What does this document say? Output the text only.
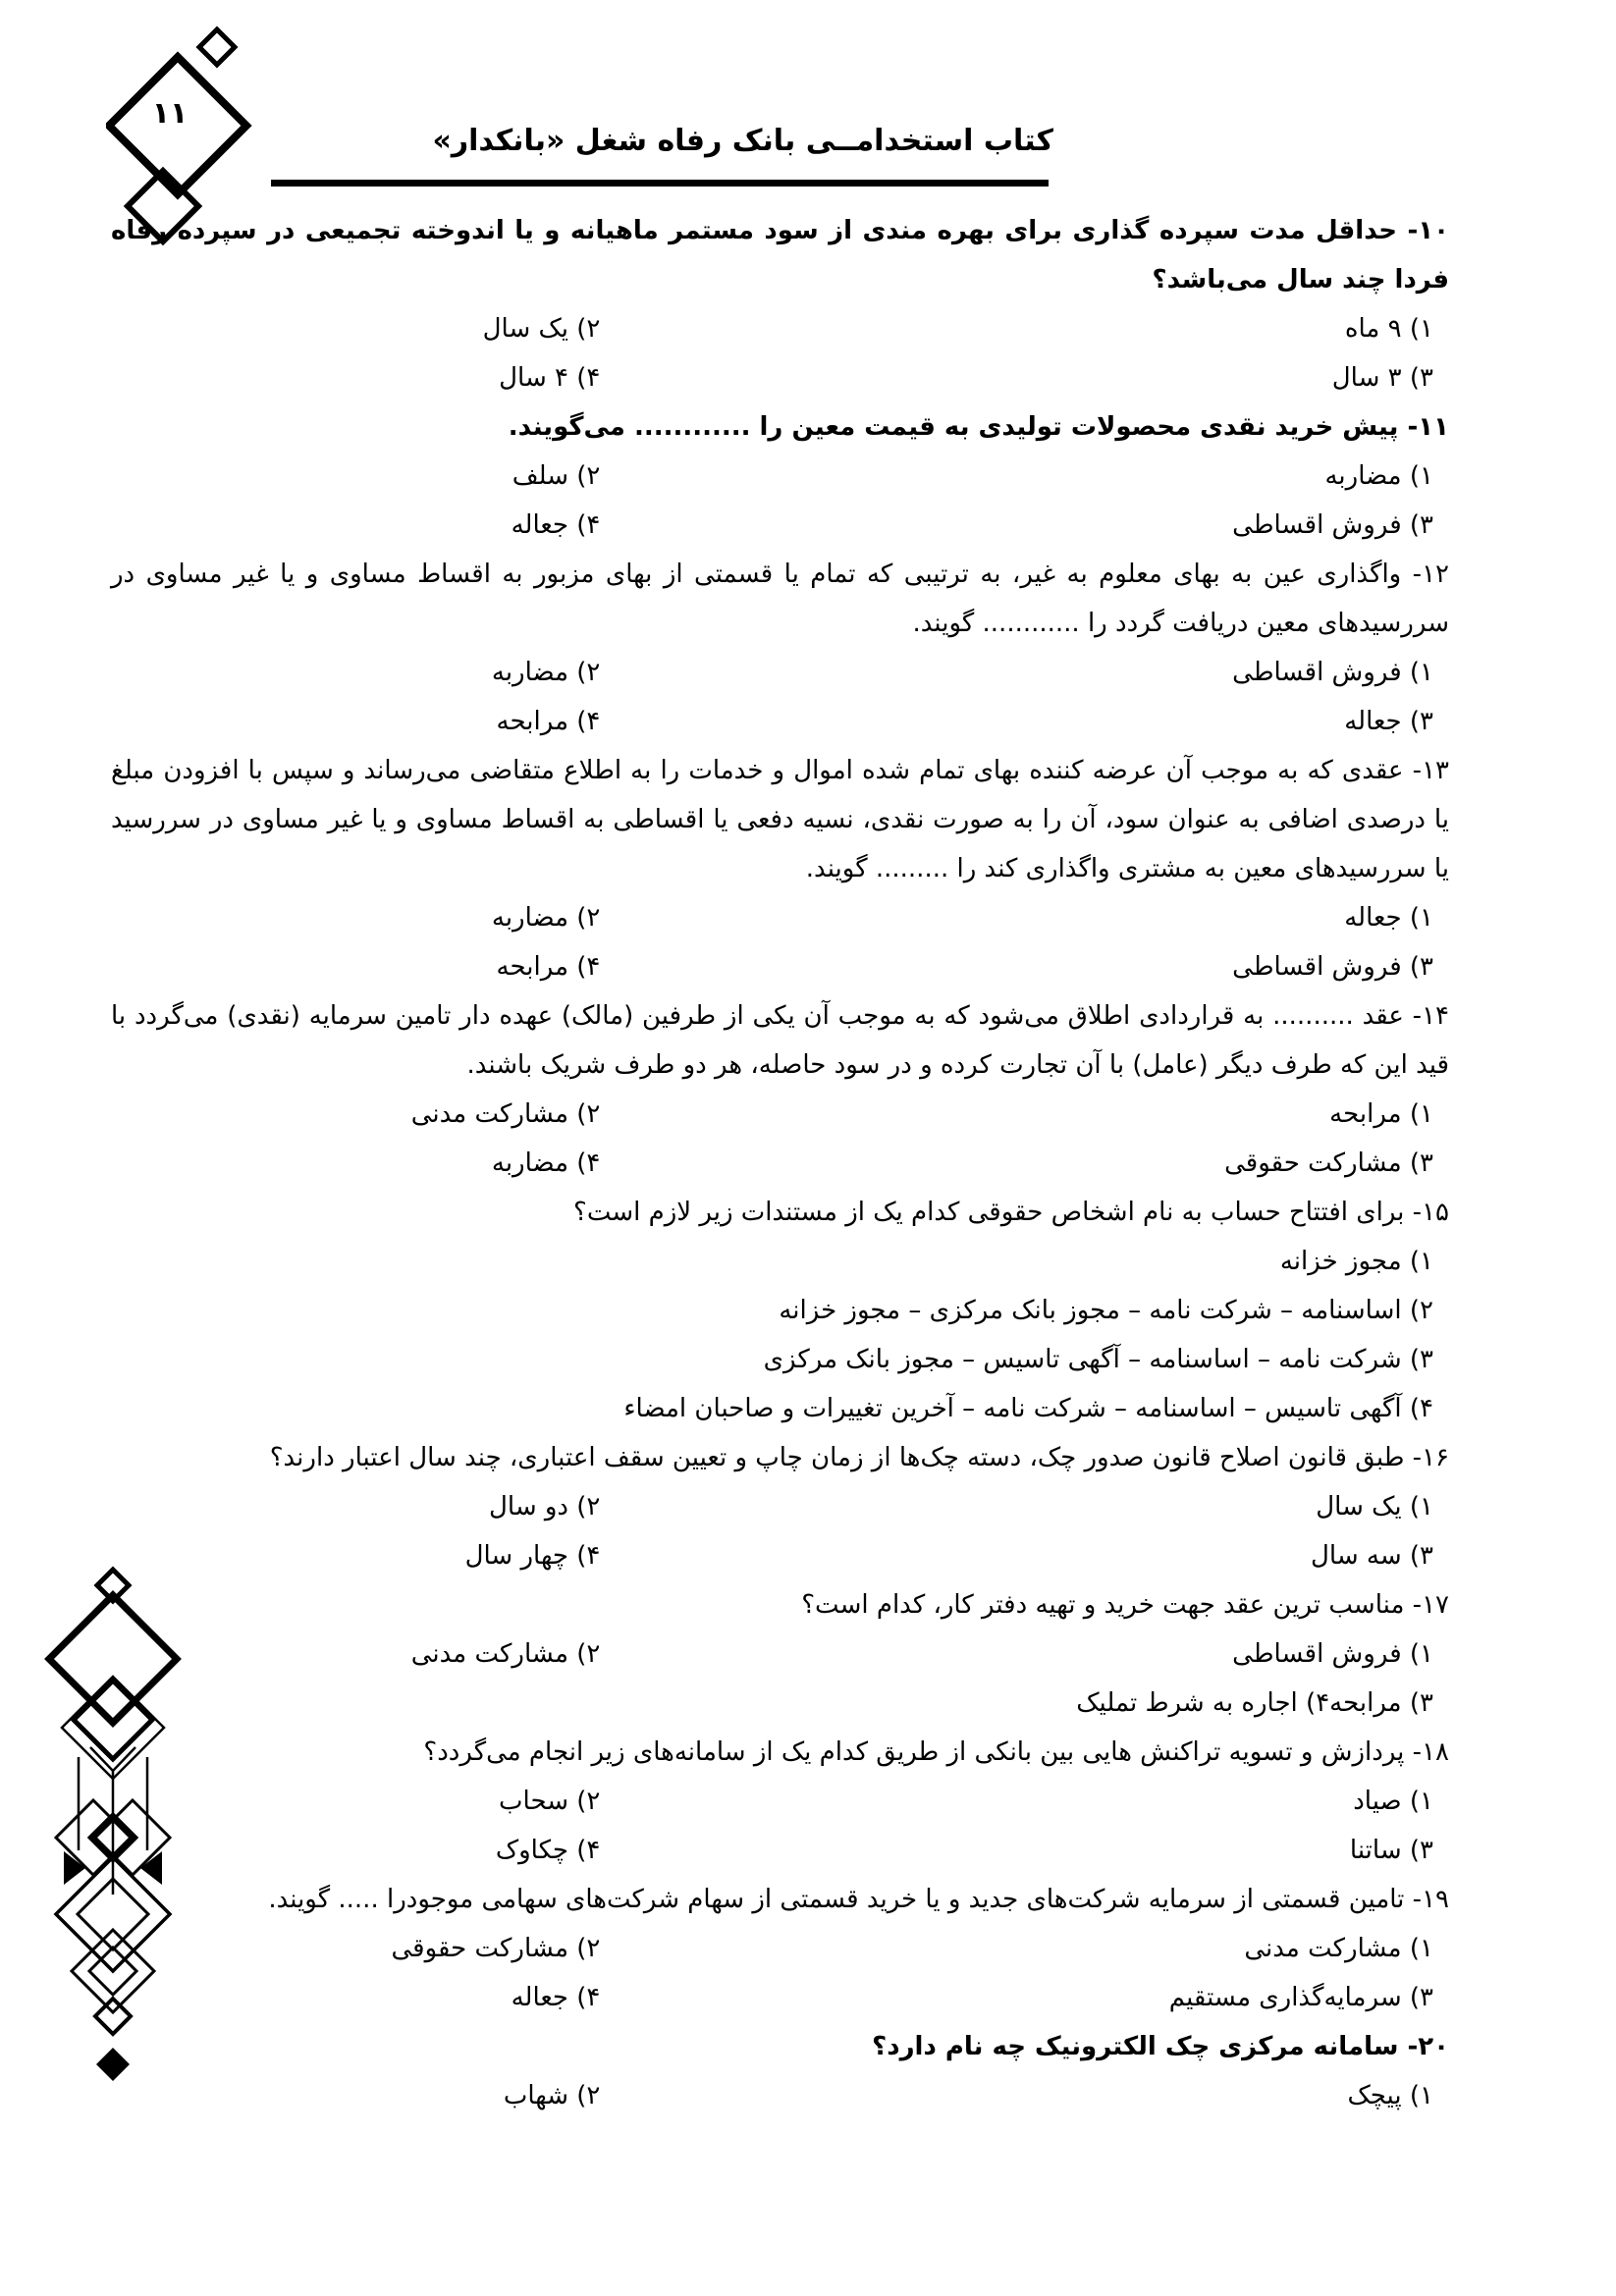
۱۱
کتاب استخدامــی بانک رفاه شغل «بانکدار»
۱۰- حداقل مدت سپرده گذاری برای بهره مندی از سود مستمر ماهیانه و یا اندوخته تجمیعی در سپرده رفاه فردا چند سال می‌باشد؟
۱) ۹ ماه
۲) یک سال
۳) ۳ سال
۴) ۴ سال
۱۱- پیش خرید نقدی محصولات تولیدی به قیمت معین را ............ می‌گویند.
۱) مضاربه
۲) سلف
۳) فروش اقساطی
۴) جعاله
۱۲- واگذاری عین به بهای معلوم به غیر، به ترتیبی که تمام یا قسمتی از بهای مزبور به اقساط مساوی و یا غیر مساوی در سررسیدهای معین دریافت گردد را ............ گویند.
۱) فروش اقساطی
۲) مضاربه
۳) جعاله
۴) مرابحه
۱۳- عقدی که به موجب آن عرضه کننده بهای تمام شده اموال و خدمات را به اطلاع متقاضی می‌رساند و سپس با افزودن مبلغ یا درصدی اضافی به عنوان سود، آن را به صورت نقدی، نسیه دفعی یا اقساطی به اقساط مساوی و یا غیر مساوی در سررسید یا سررسیدهای معین به مشتری واگذاری کند را ......... گویند.
۱) جعاله
۲) مضاربه
۳) فروش اقساطی
۴) مرابحه
۱۴- عقد .......... به قراردادی اطلاق می‌شود که به موجب آن یکی از طرفین (مالک) عهده دار تامین سرمایه (نقدی) می‌گردد با قید این که طرف دیگر (عامل) با آن تجارت کرده و در سود حاصله، هر دو طرف شریک باشند.
۱) مرابحه
۲) مشارکت مدنی
۳) مشارکت حقوقی
۴) مضاربه
۱۵- برای افتتاح حساب به نام اشخاص حقوقی کدام یک از مستندات زیر لازم است؟
۱) مجوز خزانه
۲) اساسنامه – شرکت نامه – مجوز بانک مرکزی – مجوز خزانه
۳) شرکت نامه – اساسنامه – آگهی تاسیس – مجوز بانک مرکزی
۴) آگهی تاسیس – اساسنامه – شرکت نامه – آخرین تغییرات و صاحبان امضاء
۱۶- طبق قانون اصلاح قانون صدور چک، دسته چک‌ها از زمان چاپ و تعیین سقف اعتباری، چند سال اعتبار دارند؟
۱) یک سال
۲) دو سال
۳) سه سال
۴) چهار سال
۱۷- مناسب ترین عقد جهت خرید و تهیه دفتر کار، کدام است؟
۱) فروش اقساطی
۲) مشارکت مدنی
۳) مرابحه۴) اجاره به شرط تملیک
۱۸- پردازش و تسویه تراکنش هایی بین بانکی از طریق کدام یک از سامانه‌های زیر انجام می‌گردد؟
۱) صیاد
۲) سحاب
۳) ساتنا
۴) چکاوک
۱۹- تامین قسمتی از سرمایه شرکت‌های جدید و یا خرید قسمتی از سهام شرکت‌های سهامی موجودرا ..... گویند.
۱) مشارکت مدنی
۲) مشارکت حقوقی
۳) سرمایه‌گذاری مستقیم
۴) جعاله
۲۰- سامانه مرکزی چک الکترونیک چه نام دارد؟
۱) پیچک
۲) شهاب
